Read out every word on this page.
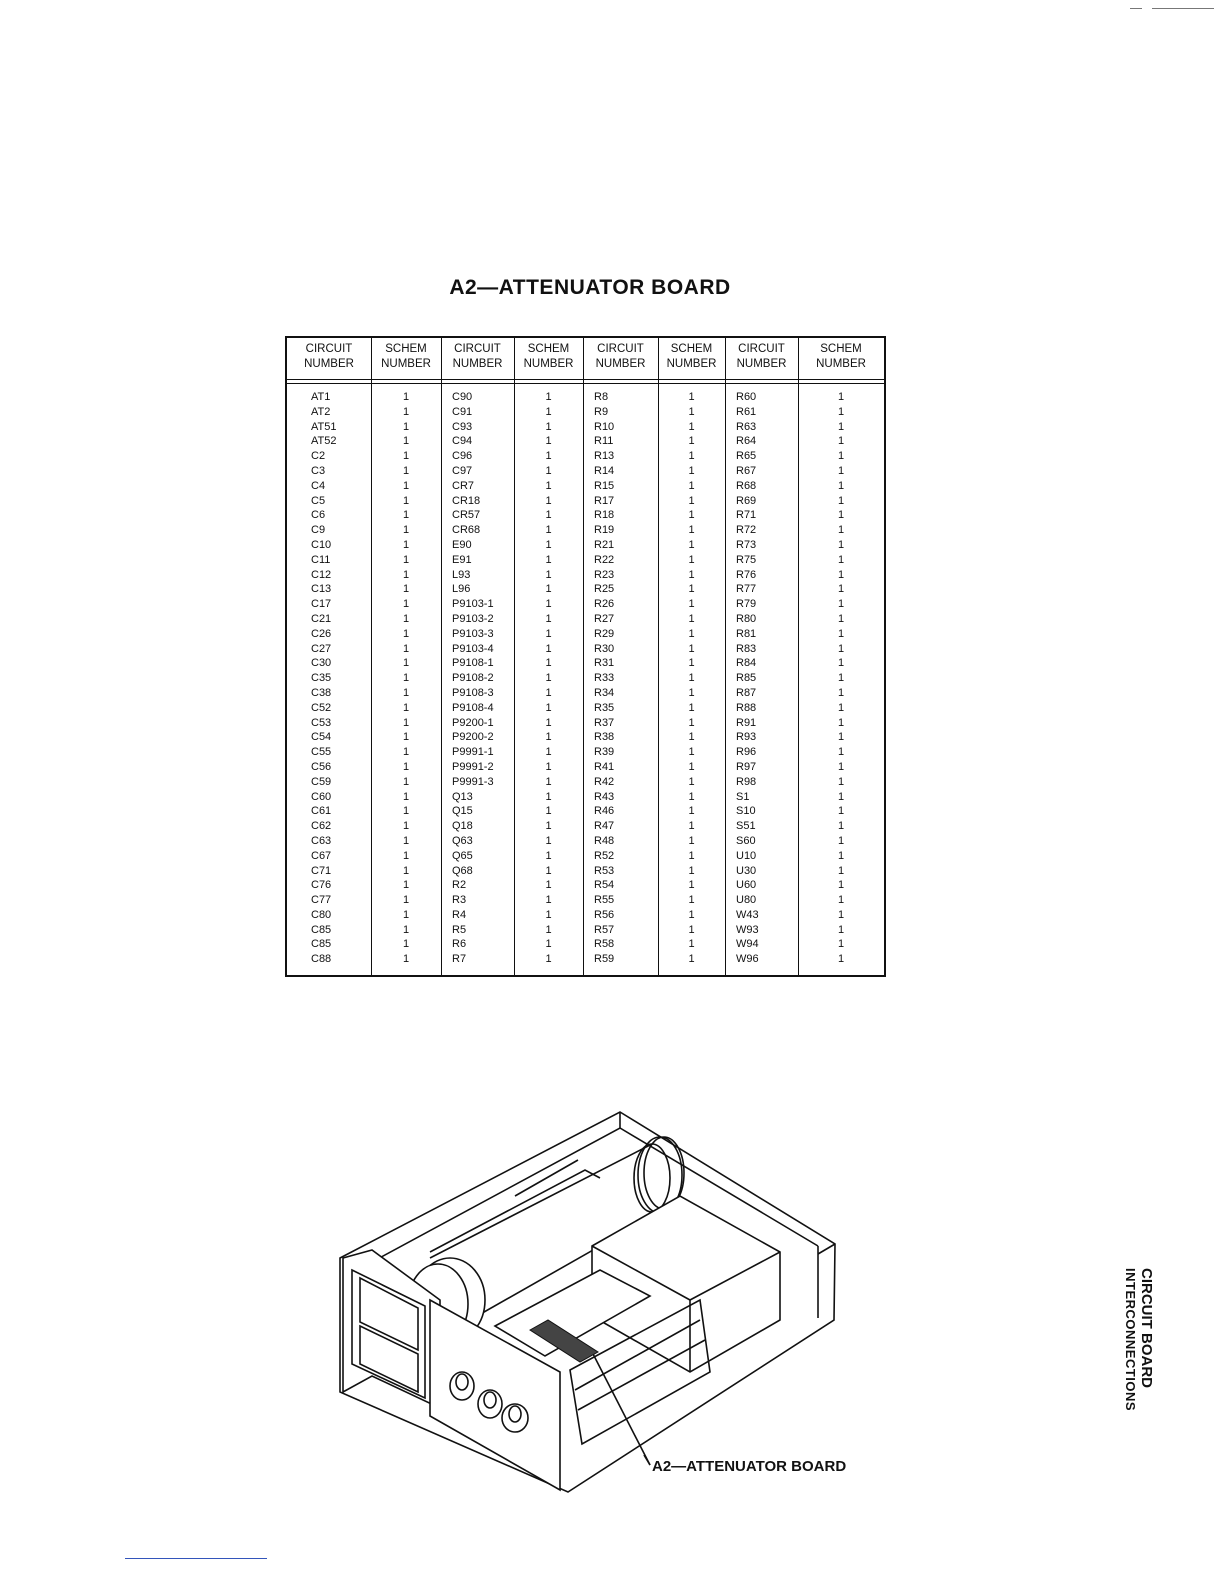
A2—ATTENUATOR BOARD
CIRCUIT
NUMBER
AT1
AT2
AT51
AT52
C2
C3
C4
C5
C6
C9
C10
C11
C12
C13
C17
C21
C26
C27
C30
C35
C38
C52
C53
C54
C55
C56
C59
C60
C61
C62
C63
C67
C71
C76
C77
C80
C85
C85
C88
SCHEM
NUMBER
1
1
1
1
1
1
1
1
1
1
1
1
1
1
1
1
1
1
1
1
1
1
1
1
1
1
1
1
1
1
1
1
1
1
1
1
1
1
1
CIRCUIT
NUMBER
C90
C91
C93
C94
C96
C97
CR7
CR18
CR57
CR68
E90
E91
L93
L96
P9103-1
P9103-2
P9103-3
P9103-4
P9108-1
P9108-2
P9108-3
P9108-4
P9200-1
P9200-2
P9991-1
P9991-2
P9991-3
Q13
Q15
Q18
Q63
Q65
Q68
R2
R3
R4
R5
R6
R7
SCHEM
NUMBER
1
1
1
1
1
1
1
1
1
1
1
1
1
1
1
1
1
1
1
1
1
1
1
1
1
1
1
1
1
1
1
1
1
1
1
1
1
1
1
CIRCUIT
NUMBER
R8
R9
R10
R11
R13
R14
R15
R17
R18
R19
R21
R22
R23
R25
R26
R27
R29
R30
R31
R33
R34
R35
R37
R38
R39
R41
R42
R43
R46
R47
R48
R52
R53
R54
R55
R56
R57
R58
R59
SCHEM
NUMBER
1
1
1
1
1
1
1
1
1
1
1
1
1
1
1
1
1
1
1
1
1
1
1
1
1
1
1
1
1
1
1
1
1
1
1
1
1
1
1
CIRCUIT
NUMBER
R60
R61
R63
R64
R65
R67
R68
R69
R71
R72
R73
R75
R76
R77
R79
R80
R81
R83
R84
R85
R87
R88
R91
R93
R96
R97
R98
S1
S10
S51
S60
U10
U30
U60
U80
W43
W93
W94
W96
SCHEM
NUMBER
1
1
1
1
1
1
1
1
1
1
1
1
1
1
1
1
1
1
1
1
1
1
1
1
1
1
1
1
1
1
1
1
1
1
1
1
1
1
1
A2—ATTENUATOR BOARD
CIRCUIT BOARD
INTERCONNECTIONS
